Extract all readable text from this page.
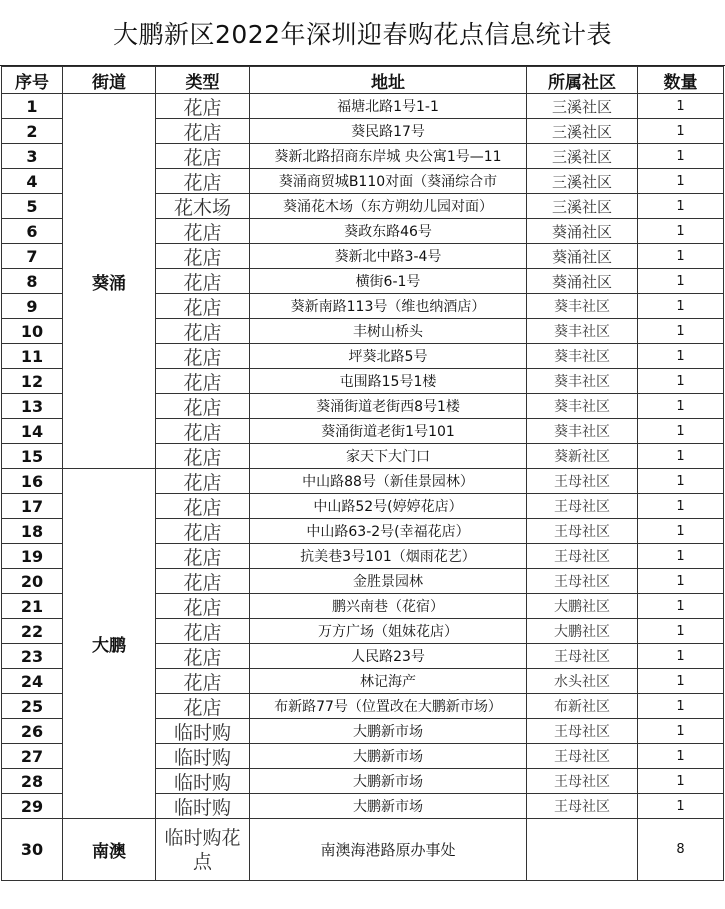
大鹏新区2022年深圳迎春购花点信息统计表
序号	街道	类型	地址	所属社区	数量
1	葵涌	花店	福塘北路1号1-1	三溪社区	1
2		花店	葵民路17号	三溪社区	1
3		花店	葵新北路招商东岸城 央公寓1号—11	三溪社区	1
4		花店	葵涌商贸城B110对面（葵涌综合市	三溪社区	1
5		花木场	葵涌花木场（东方朔幼儿园对面）	三溪社区	1
6		花店	葵政东路46号	葵涌社区	1
7		花店	葵新北中路3-4号	葵涌社区	1
8		花店	横街6-1号	葵涌社区	1
9		花店	葵新南路113号（维也纳酒店）	葵丰社区	1
10		花店	丰树山桥头	葵丰社区	1
11		花店	坪葵北路5号	葵丰社区	1
12		花店	屯围路15号1楼	葵丰社区	1
13		花店	葵涌街道老街西8号1楼	葵丰社区	1
14		花店	葵涌街道老街1号101	葵丰社区	1
15		花店	家天下大门口	葵新社区	1
16	大鹏	花店	中山路88号（新佳景园林）	王母社区	1
17		花店	中山路52号(婷婷花店）	王母社区	1
18		花店	中山路63-2号(幸福花店）	王母社区	1
19		花店	抗美巷3号101（烟雨花艺）	王母社区	1
20		花店	金胜景园林	王母社区	1
21		花店	鹏兴南巷（花宿）	大鹏社区	1
22		花店	万方广场（姐妹花店）	大鹏社区	1
23		花店	人民路23号	王母社区	1
24		花店	林记海产	水头社区	1
25		花店	布新路77号（位置改在大鹏新市场）	布新社区	1
26		临时购	大鹏新市场	王母社区	1
27		临时购	大鹏新市场	王母社区	1
28		临时购	大鹏新市场	王母社区	1
29		临时购	大鹏新市场	王母社区	1
30	南澳	临时购花点	南澳海港路原办事处		8
